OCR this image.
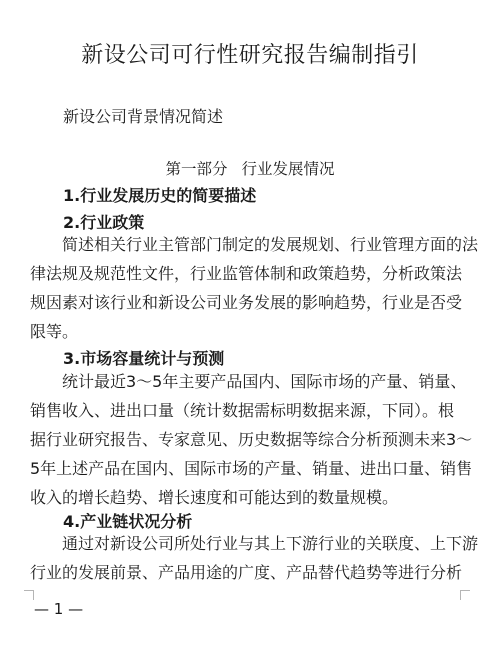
新设公司可行性研究报告编制指引
新设公司背景情况简述
第一部分 行业发展情况
1.行业发展历史的简要描述
2.行业政策
　　简述相关行业主管部门制定的发展规划、行业管理方面的法
律法规及规范性文件，行业监管体制和政策趋势，分析政策法
规因素对该行业和新设公司业务发展的影响趋势，行业是否受
限等。
3.市场容量统计与预测
　　统计最近3～5年主要产品国内、国际市场的产量、销量、
销售收入、进出口量（统计数据需标明数据来源，下同）。根
据行业研究报告、专家意见、历史数据等综合分析预测未来3～
5年上述产品在国内、国际市场的产量、销量、进出口量、销售
收入的增长趋势、增长速度和可能达到的数量规模。
4.产业链状况分析
　　通过对新设公司所处行业与其上下游行业的关联度、上下游
行业的发展前景、产品用途的广度、产品替代趋势等进行分析
— 1 —
